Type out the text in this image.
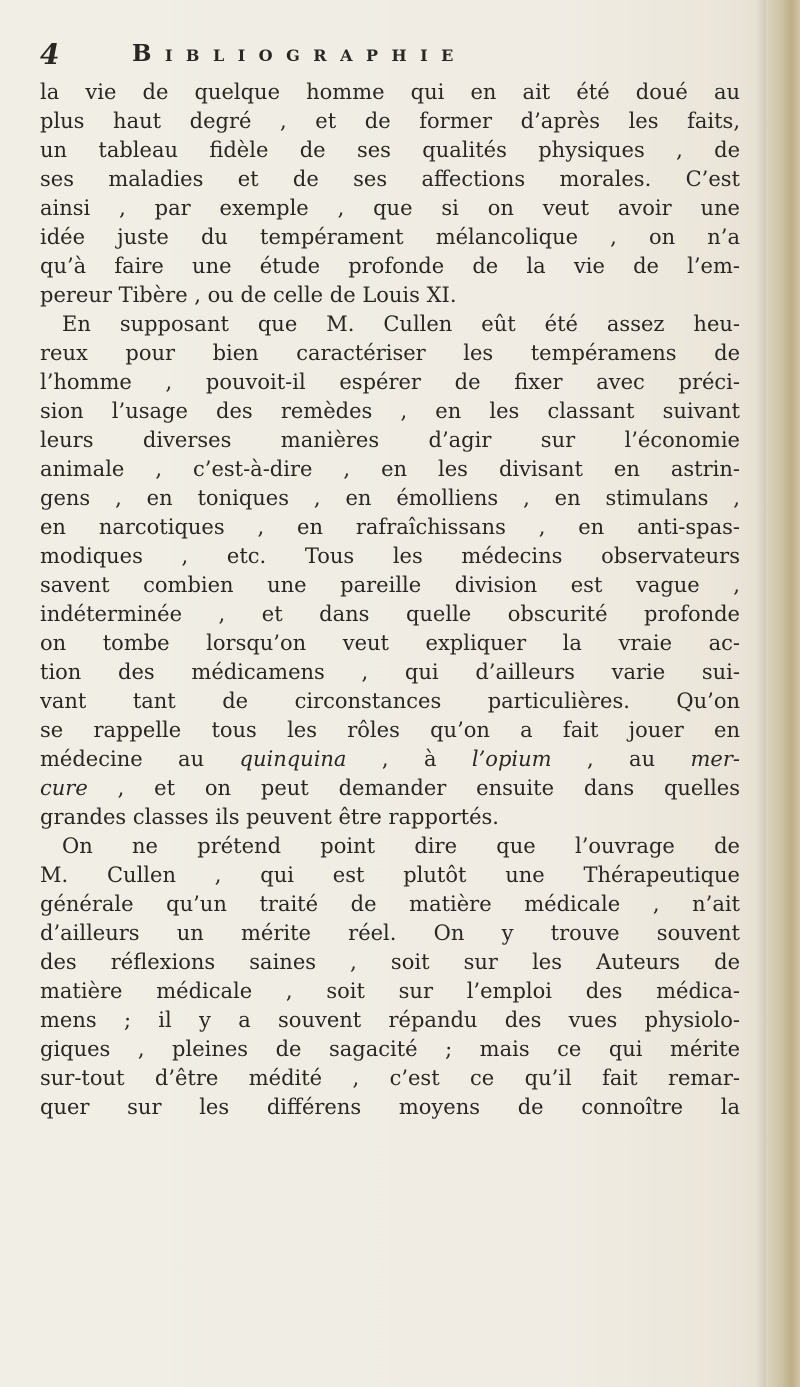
4	Bibliographie
la vie de quelque homme qui en ait été doué au
plus haut degré , et de former d’après les faits,
un tableau fidèle de ses qualités physiques , de
ses maladies et de ses affections morales. C’est
ainsi , par exemple , que si on veut avoir une
idée juste du tempérament mélancolique , on n’a
qu’à faire une étude profonde de la vie de l’em-
pereur Tibère , ou de celle de Louis XI.
En supposant que M. Cullen eût été assez heu-
reux pour bien caractériser les tempéramens de
l’homme , pouvoit-il espérer de fixer avec préci-
sion l’usage des remèdes , en les classant suivant
leurs diverses manières d’agir sur l’économie
animale , c’est-à-dire , en les divisant en astrin-
gens , en toniques , en émolliens , en stimulans ,
en narcotiques , en rafraîchissans , en anti-spas-
modiques , etc. Tous les médecins observateurs
savent combien une pareille division est vague ,
indéterminée , et dans quelle obscurité profonde
on tombe lorsqu’on veut expliquer la vraie ac-
tion des médicamens , qui d’ailleurs varie sui-
vant tant de circonstances particulières. Qu’on
se rappelle tous les rôles qu’on a fait jouer en
médecine au quinquina , à l’opium , au mer-
cure , et on peut demander ensuite dans quelles
grandes classes ils peuvent être rapportés.
On ne prétend point dire que l’ouvrage de
M. Cullen , qui est plutôt une Thérapeutique
générale qu’un traité de matière médicale , n’ait
d’ailleurs un mérite réel. On y trouve souvent
des réflexions saines , soit sur les Auteurs de
matière médicale , soit sur l’emploi des médica-
mens ; il y a souvent répandu des vues physiolo-
giques , pleines de sagacité ; mais ce qui mérite
sur-tout d’être médité , c’est ce qu’il fait remar-
quer sur les différens moyens de connoître la
